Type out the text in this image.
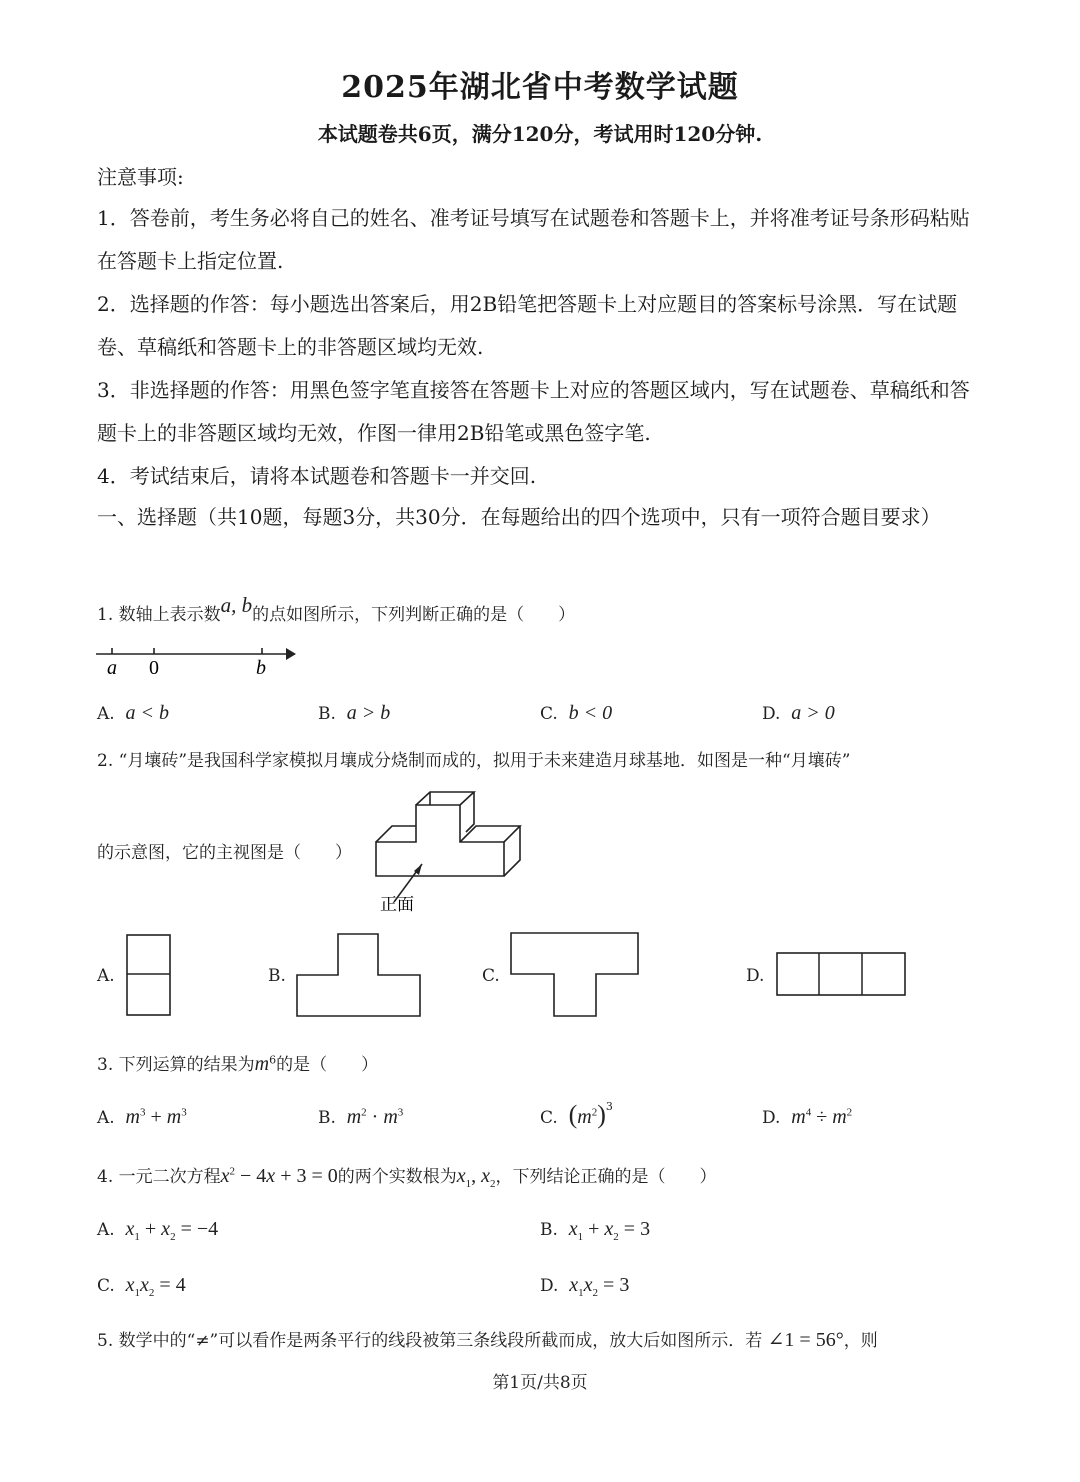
2025年湖北省中考数学试题
本试题卷共6页，满分120分，考试用时120分钟.
注意事项:
1．答卷前，考生务必将自己的姓名、准考证号填写在试题卷和答题卡上，并将准考证号条形码粘贴在答题卡上指定位置.
2．选择题的作答：每小题选出答案后，用2B铅笔把答题卡上对应题目的答案标号涂黑．写在试题卷、草稿纸和答题卡上的非答题区域均无效.
3．非选择题的作答：用黑色签字笔直接答在答题卡上对应的答题区域内，写在试题卷、草稿纸和答题卡上的非答题区域均无效，作图一律用2B铅笔或黑色签字笔.
4．考试结束后，请将本试题卷和答题卡一并交回.
一、选择题（共10题，每题3分，共30分．在每题给出的四个选项中，只有一项符合题目要求）
1. 数轴上表示数a, b的点如图所示，下列判断正确的是（　　）
a 0	b
A. a < b	B. a > b	C. b < 0	D. a > 0
2. “月壤砖”是我国科学家模拟月壤成分烧制而成的，拟用于未来建造月球基地．如图是一种“月壤砖”
的示意图，它的主视图是（　　）
正面
A.	B.	C.	D.
3. 下列运算的结果为$m^6$的是（　　）
A. $m^3 + m^3$	B. $m^2 \cdot m^3$	C. $(m^2)^3$
D. $m^4 \div m^2$
4. 一元二次方程$x^2 - 4x + 3 = 0$的两个实数根为$x_1$, $x_2$，下列结论正确的是（　　）
A. $x_1 + x_2 = -4$	B. $x_1 + x_2 = 3$
C. $x_1x_2 = 4$	D. $x_1x_2 = 3$
5. 数学中的“≠”可以看作是两条平行的线段被第三条线段所截而成，放大后如图所示．若 ∠1 = 56°，则
第1页/共8页
